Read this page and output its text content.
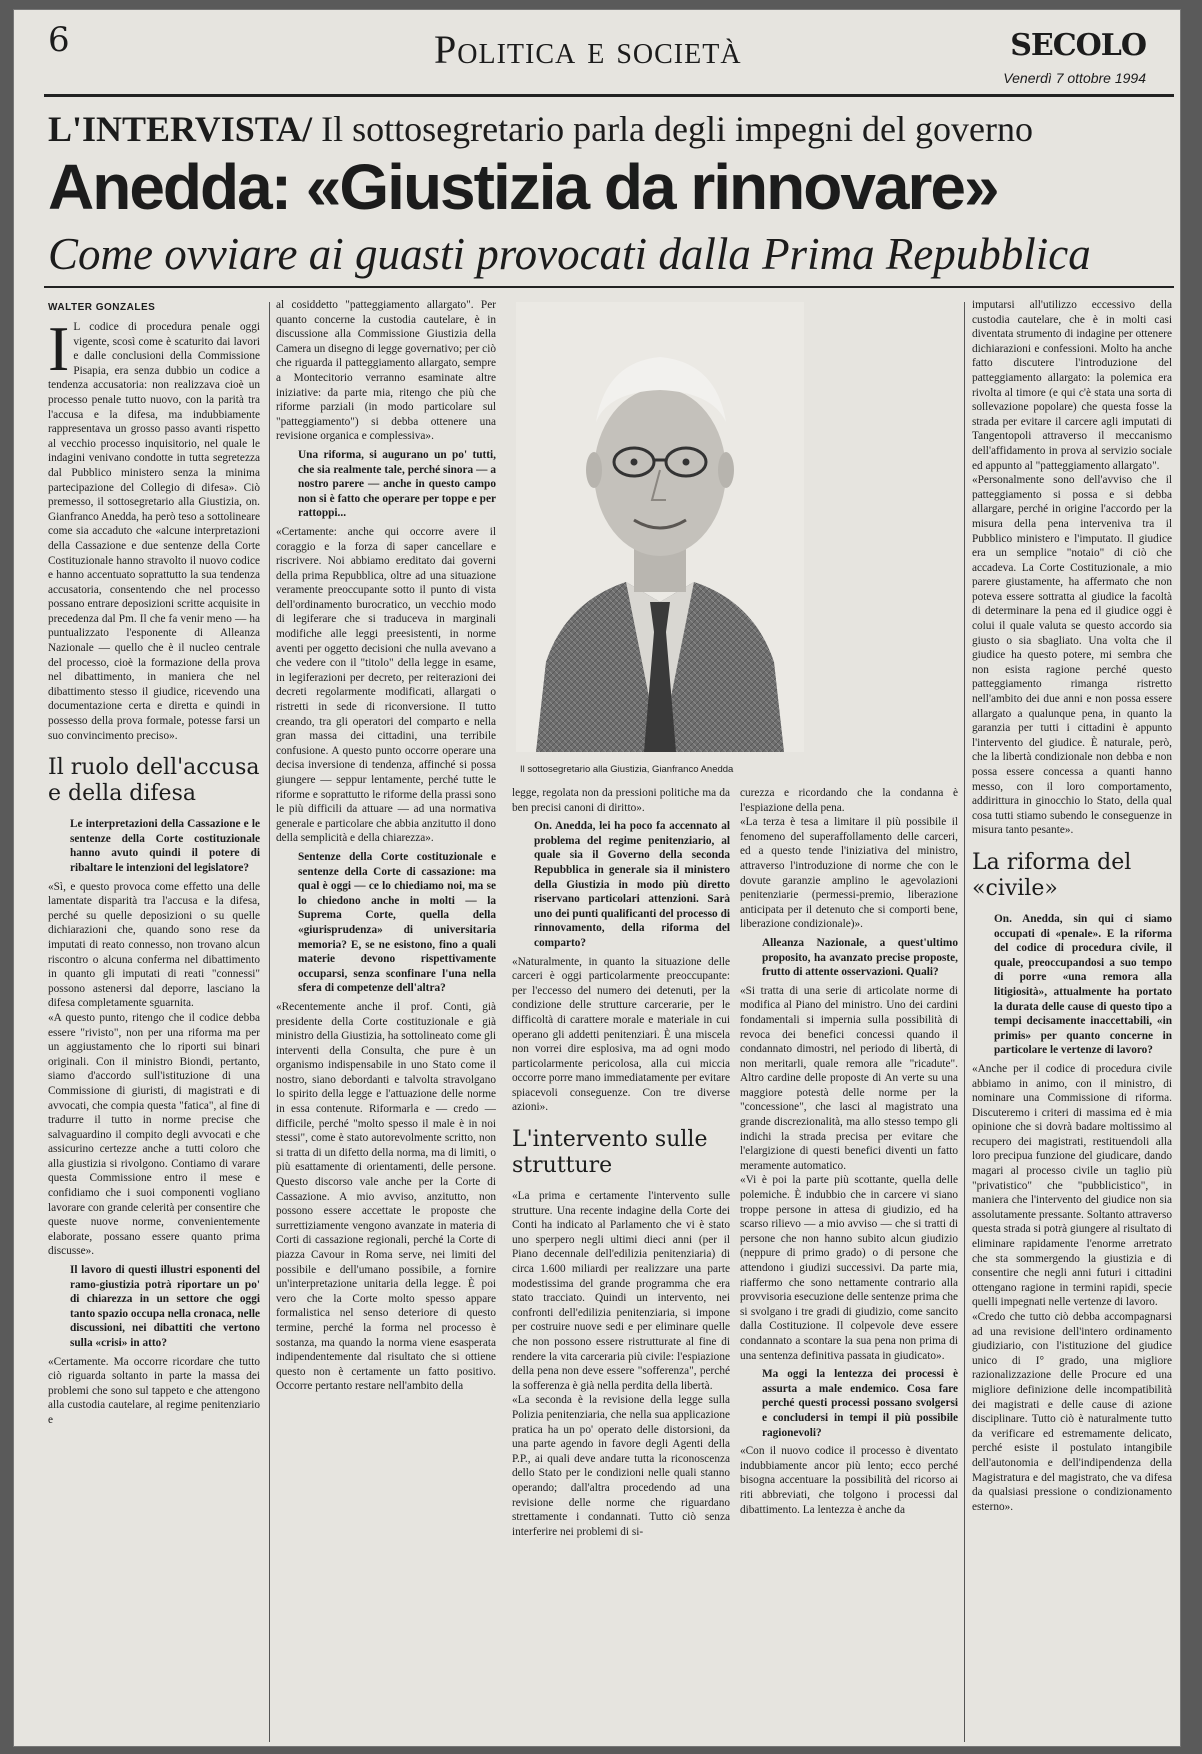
6	Politica e società	SECOLO
Venerdì 7 ottobre 1994
L'INTERVISTA/ Il sottosegretario parla degli impegni del governo
Anedda: «Giustizia da rinnovare»
Come ovviare ai guasti provocati dalla Prima Repubblica
WALTER GONZALES
I L codice di procedura penale oggi vigente, scosì come è scaturito dai lavori e dalle conclusioni della Commissione Pisapia, era senza dubbio un codice a tendenza accusatoria: non realizzava cioè un processo penale tutto nuovo, con la parità tra l'accusa e la difesa, ma indubbiamente rappresentava un grosso passo avanti rispetto al vecchio processo inquisitorio, nel quale le indagini venivano condotte in tutta segretezza dal Pubblico ministero senza la minima partecipazione del Collegio di difesa». Ciò premesso, il sottosegretario alla Giustizia, on. Gianfranco Anedda, ha però teso a sottolineare come sia accaduto che «alcune interpretazioni della Cassazione e due sentenze della Corte Costituzionale hanno stravolto il nuovo codice e hanno accentuato soprattutto la sua tendenza accusatoria, consentendo che nel processo possano entrare deposizioni scritte acquisite in precedenza dal Pm. Il che fa venir meno — ha puntualizzato l'esponente di Alleanza Nazionale — quello che è il nucleo centrale del processo, cioè la formazione della prova nel dibattimento, in maniera che nel dibattimento stesso il giudice, ricevendo una documentazione certa e diretta e quindi in possesso della prova formale, potesse farsi un suo convincimento preciso».

Il ruolo dell'accusa e della difesa

Le interpretazioni della Cassazione e le sentenze della Corte costituzionale hanno avuto quindi il potere di ribaltare le intenzioni del legislatore?

«Sì, e questo provoca come effetto una delle lamentate disparità tra l'accusa e la difesa, perché su quelle deposizioni o su quelle dichiarazioni che, quando sono rese da imputati di reato connesso, non trovano alcun riscontro o alcuna conferma nel dibattimento in quanto gli imputati di reati "connessi" possono astenersi dal deporre, lasciano la difesa completamente sguarnita.

«A questo punto, ritengo che il codice debba essere "rivisto", non per una riforma ma per un aggiustamento che lo riporti sui binari originali. Con il ministro Biondi, pertanto, siamo d'accordo sull'istituzione di una Commissione di giuristi, di magistrati e di avvocati, che compia questa "fatica", al fine di tradurre il tutto in norme precise che salvaguardino il compito degli avvocati e che assicurino certezze anche a tutti coloro che alla giustizia si rivolgono. Contiamo di varare questa Commissione entro il mese e confidiamo che i suoi componenti vogliano lavorare con grande celerità per consentire che queste nuove norme, convenientemente elaborate, possano essere quanto prima discusse».

Il lavoro di questi illustri esponenti del ramo-giustizia potrà riportare un po' di chiarezza in un settore che oggi tanto spazio occupa nella cronaca, nelle discussioni, nei dibattiti che vertono sulla «crisi» in atto?

«Certamente. Ma occorre ricordare che tutto ciò riguarda soltanto in parte la massa dei problemi che sono sul tappeto e che attengono alla custodia cautelare, al regime penitenziario e

al cosiddetto "patteggiamento allargato". Per quanto concerne la custodia cautelare, è in discussione alla Commissione Giustizia della Camera un disegno di legge governativo; per ciò che riguarda il patteggiamento allargato, sempre a Montecitorio verranno esaminate altre iniziative: da parte mia, ritengo che più che riforme parziali (in modo particolare sul "patteggiamento") si debba ottenere una revisione organica e complessiva».

Una riforma, si augurano un po' tutti, che sia realmente tale, perché sinora — a nostro parere — anche in questo campo non si è fatto che operare per toppe e per rattoppi...

«Certamente: anche qui occorre avere il coraggio e la forza di saper cancellare e riscrivere. Noi abbiamo ereditato dai governi della prima Repubblica, oltre ad una situazione veramente preoccupante sotto il punto di vista dell'ordinamento burocratico, un vecchio modo di legiferare che si traduceva in marginali modifiche alle leggi preesistenti, in norme aventi per oggetto decisioni che nulla avevano a che vedere con il "titolo" della legge in esame, in legiferazioni per decreto, per reiterazioni dei decreti regolarmente modificati, allargati o ristretti in sede di riconversione. Il tutto creando, tra gli operatori del comparto e nella gran massa dei cittadini, una terribile confusione. A questo punto occorre operare una decisa inversione di tendenza, affinché si possa giungere — seppur lentamente, perché tutte le riforme e soprattutto le riforme della prassi sono le più difficili da attuare — ad una normativa generale e particolare che abbia anzitutto il dono della semplicità e della chiarezza».

Sentenze della Corte costituzionale e sentenze della Corte di cassazione: ma qual è oggi — ce lo chiediamo noi, ma se lo chiedono anche in molti — la Suprema Corte, quella della «giurisprudenza» di universitaria memoria? E, se ne esistono, fino a quali materie devono rispettivamente occuparsi, senza sconfinare l'una nella sfera di competenze dell'altra?

«Recentemente anche il prof. Conti, già presidente della Corte costituzionale e già ministro della Giustizia, ha sottolineato come gli interventi della Consulta, che pure è un organismo indispensabile in uno Stato come il nostro, siano debordanti e talvolta stravolgano lo spirito della legge e l'attuazione delle norme in essa contenute. Riformarla e — credo — difficile, perché "molto spesso il male è in noi stessi", come è stato autorevolmente scritto, non si tratta di un difetto della norma, ma di limiti, o più esattamente di orientamenti, delle persone. Questo discorso vale anche per la Corte di Cassazione. A mio avviso, anzitutto, non possono essere accettate le proposte che surrettiziamente vengono avanzate in materia di Corti di cassazione regionali, perché la Corte di piazza Cavour in Roma serve, nei limiti del possibile e dell'umano possibile, a fornire un'interpretazione unitaria della legge. È poi vero che la Corte molto spesso appare formalistica nel senso deteriore di questo termine, perché la forma nel processo è sostanza, ma quando la norma viene esasperata indipendentemente dal risultato che si ottiene questo non è certamente un fatto positivo. Occorre pertanto restare nell'ambito della

Il sottosegretario alla Giustizia, Gianfranco Anedda

legge, regolata non da pressioni politiche ma da ben precisi canoni di diritto».

On. Anedda, lei ha poco fa accennato al problema del regime penitenziario, al quale sia il Governo della seconda Repubblica in generale sia il ministero della Giustizia in modo più diretto riservano particolari attenzioni. Sarà uno dei punti qualificanti del processo di rinnovamento, della riforma del comparto?

«Naturalmente, in quanto la situazione delle carceri è oggi particolarmente preoccupante: per l'eccesso del numero dei detenuti, per la condizione delle strutture carcerarie, per le difficoltà di carattere morale e materiale in cui operano gli addetti penitenziari. È una miscela non vorrei dire esplosiva, ma ad ogni modo particolarmente pericolosa, alla cui miccia occorre porre mano immediatamente per evitare spiacevoli conseguenze. Con tre diverse azioni».

L'intervento sulle strutture

«La prima e certamente l'intervento sulle strutture. Una recente indagine della Corte dei Conti ha indicato al Parlamento che vi è stato uno sperpero negli ultimi dieci anni (per il Piano decennale dell'edilizia penitenziaria) di circa 1.600 miliardi per realizzare una parte modestissima del grande programma che era stato tracciato. Quindi un intervento, nei confronti dell'edilizia penitenziaria, si impone per costruire nuove sedi e per eliminare quelle che non possono essere ristrutturate al fine di rendere la vita carceraria più civile: l'espiazione della pena non deve essere "sofferenza", perché la sofferenza è già nella perdita della libertà.

«La seconda è la revisione della legge sulla Polizia penitenziaria, che nella sua applicazione pratica ha un po' operato delle distorsioni, da una parte agendo in favore degli Agenti della P.P., ai quali deve andare tutta la riconoscenza dello Stato per le condizioni nelle quali stanno operando; dall'altra procedendo ad una revisione delle norme che riguardano strettamente i condannati. Tutto ciò senza interferire nei problemi di si-

curezza e ricordando che la condanna è l'espiazione della pena.

«La terza è tesa a limitare il più possibile il fenomeno del superaffollamento delle carceri, ed a questo tende l'iniziativa del ministro, attraverso l'introduzione di norme che con le dovute garanzie amplino le agevolazioni penitenziarie (permessi-premio, liberazione anticipata per il detenuto che si comporti bene, liberazione condizionale)».

Alleanza Nazionale, a quest'ultimo proposito, ha avanzato precise proposte, frutto di attente osservazioni. Quali?

«Si tratta di una serie di articolate norme di modifica al Piano del ministro. Uno dei cardini fondamentali si impernia sulla possibilità di revoca dei benefici concessi quando il condannato dimostri, nel periodo di libertà, di non meritarli, quale remora alle "ricadute". Altro cardine delle proposte di An verte su una maggiore potestà delle norme per la "concessione", che lasci al magistrato una grande discrezionalità, ma allo stesso tempo gli indichi la strada precisa per evitare che l'elargizione di questi benefici diventi un fatto meramente automatico.

«Vi è poi la parte più scottante, quella delle polemiche. È indubbio che in carcere vi siano troppe persone in attesa di giudizio, ed ha scarso rilievo — a mio avviso — che si tratti di persone che non hanno subito alcun giudizio (neppure di primo grado) o di persone che attendono i giudizi successivi. Da parte mia, riaffermo che sono nettamente contrario alla provvisoria esecuzione delle sentenze prima che si svolgano i tre gradi di giudizio, come sancito dalla Costituzione. Il colpevole deve essere condannato a scontare la sua pena non prima di una sentenza definitiva passata in giudicato».

Ma oggi la lentezza dei processi è assurta a male endemico. Cosa fare perché questi processi possano svolgersi e concludersi in tempi il più possibile ragionevoli?

«Con il nuovo codice il processo è diventato indubbiamente ancor più lento; ecco perché bisogna accentuare la possibilità del ricorso ai riti abbreviati, che tolgono i processi dal dibattimento. La lentezza è anche da

imputarsi all'utilizzo eccessivo della custodia cautelare, che è in molti casi diventata strumento di indagine per ottenere dichiarazioni e confessioni. Molto ha anche fatto discutere l'introduzione del patteggiamento allargato: la polemica era rivolta al timore (e qui c'è stata una sorta di sollevazione popolare) che questa fosse la strada per evitare il carcere agli imputati di Tangentopoli attraverso il meccanismo dell'affidamento in prova al servizio sociale ed appunto al "patteggiamento allargato".

«Personalmente sono dell'avviso che il patteggiamento si possa e si debba allargare, perché in origine l'accordo per la misura della pena interveniva tra il Pubblico ministero e l'imputato. Il giudice era un semplice "notaio" di ciò che accadeva. La Corte Costituzionale, a mio parere giustamente, ha affermato che non poteva essere sottratta al giudice la facoltà di determinare la pena ed il giudice oggi è colui il quale valuta se questo accordo sia giusto o sia sbagliato. Una volta che il giudice ha questo potere, mi sembra che non esista ragione perché questo patteggiamento rimanga ristretto nell'ambito dei due anni e non possa essere allargato a qualunque pena, in quanto la garanzia per tutti i cittadini è appunto l'intervento del giudice. È naturale, però, che la libertà condizionale non debba e non possa essere concessa a quanti hanno messo, con il loro comportamento, addirittura in ginocchio lo Stato, della qual cosa tutti stiamo subendo le conseguenze in misura tanto pesante».

La riforma del «civile»

On. Anedda, sin qui ci siamo occupati di «penale». E la riforma del codice di procedura civile, il quale, preoccupandosi a suo tempo di porre «una remora alla litigiosità», attualmente ha portato la durata delle cause di questo tipo a tempi decisamente inaccettabili, «in primis» per quanto concerne in particolare le vertenze di lavoro?

«Anche per il codice di procedura civile abbiamo in animo, con il ministro, di nominare una Commissione di riforma. Discuteremo i criteri di massima ed è mia opinione che si dovrà badare moltissimo al recupero dei magistrati, restituendoli alla loro precipua funzione del giudicare, dando magari al processo civile un taglio più "privatistico" che "pubblicistico", in maniera che l'intervento del giudice non sia assolutamente pressante. Soltanto attraverso questa strada si potrà giungere al risultato di eliminare rapidamente l'enorme arretrato che sta sommergendo la giustizia e di consentire che negli anni futuri i cittadini ottengano ragione in termini rapidi, specie quelli impegnati nelle vertenze di lavoro.

«Credo che tutto ciò debba accompagnarsi ad una revisione dell'intero ordinamento giudiziario, con l'istituzione del giudice unico di I° grado, una migliore razionalizzazione delle Procure ed una migliore definizione delle incompatibilità dei magistrati e delle cause di azione disciplinare. Tutto ciò è naturalmente tutto da verificare ed estremamente delicato, perché esiste il postulato intangibile dell'autonomia e dell'indipendenza della Magistratura e del magistrato, che va difesa da qualsiasi pressione o condizionamento esterno».
